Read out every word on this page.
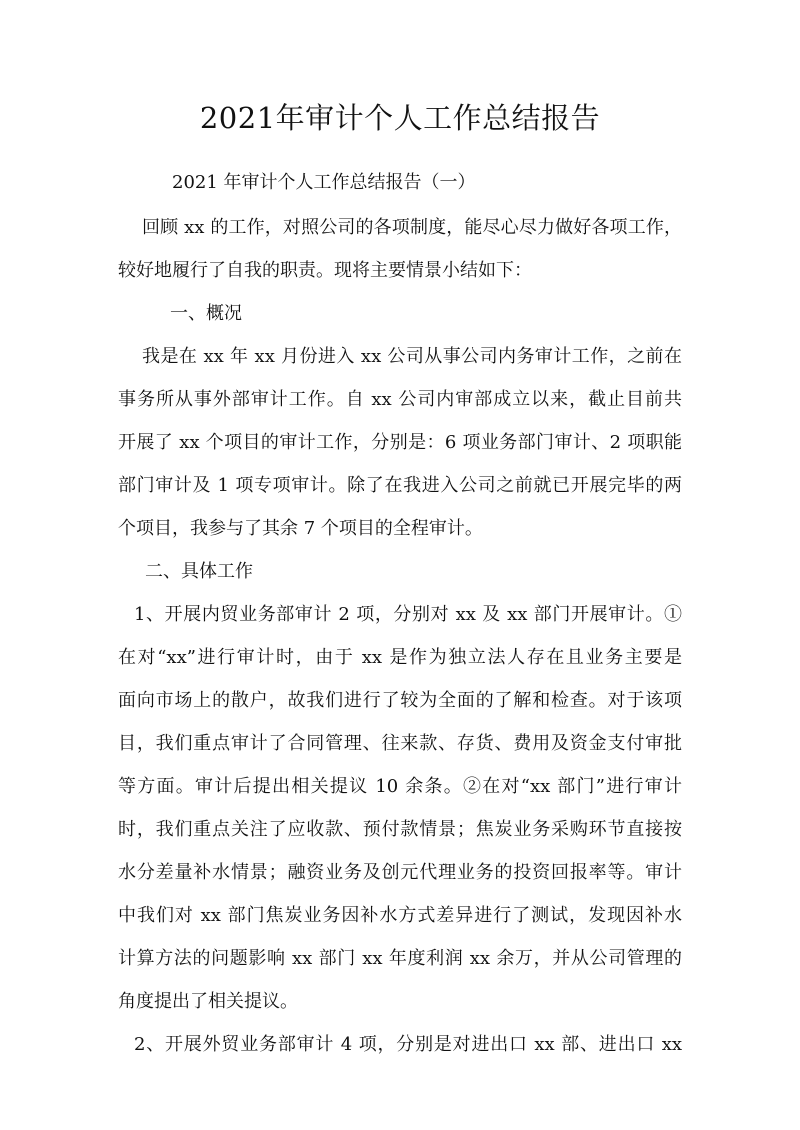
2021年审计个人工作总结报告
2021 年审计个人工作总结报告（一）
回顾 xx 的工作，对照公司的各项制度，能尽心尽力做好各项工作，
较好地履行了自我的职责。现将主要情景小结如下：
一、概况
我是在 xx 年 xx 月份进入 xx 公司从事公司内务审计工作，之前在
事务所从事外部审计工作。自 xx 公司内审部成立以来，截止目前共
开展了 xx 个项目的审计工作，分别是：6 项业务部门审计、2 项职能
部门审计及 1 项专项审计。除了在我进入公司之前就已开展完毕的两
个项目，我参与了其余 7 个项目的全程审计。
二、具体工作
1、开展内贸业务部审计 2 项，分别对 xx 及 xx 部门开展审计。①
在对“xx”进行审计时，由于 xx 是作为独立法人存在且业务主要是
面向市场上的散户，故我们进行了较为全面的了解和检查。对于该项
目，我们重点审计了合同管理、往来款、存货、费用及资金支付审批
等方面。审计后提出相关提议 10 余条。②在对“xx 部门”进行审计
时，我们重点关注了应收款、预付款情景；焦炭业务采购环节直接按
水分差量补水情景；融资业务及创元代理业务的投资回报率等。审计
中我们对 xx 部门焦炭业务因补水方式差异进行了测试，发现因补水
计算方法的问题影响 xx 部门 xx 年度利润 xx 余万，并从公司管理的
角度提出了相关提议。
2、开展外贸业务部审计 4 项，分别是对进出口 xx 部、进出口 xx
